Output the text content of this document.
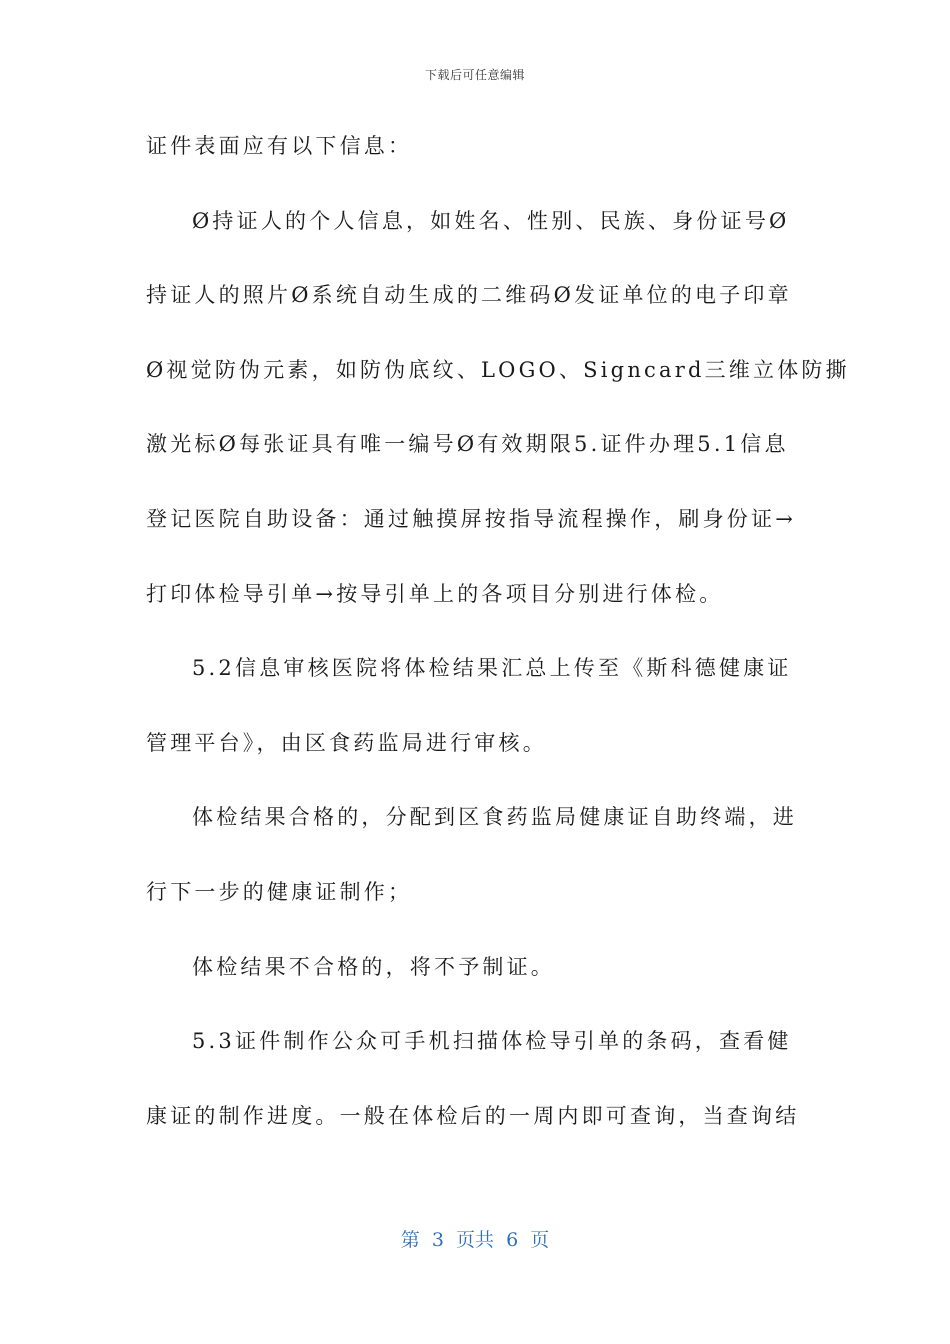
下载后可任意编辑
证件表面应有以下信息：
Ø持证人的个人信息，如姓名、性别、民族、身份证号Ø
持证人的照片Ø系统自动生成的二维码Ø发证单位的电子印章
Ø视觉防伪元素，如防伪底纹、LOGO、Signcard三维立体防撕
激光标Ø每张证具有唯一编号Ø有效期限5.证件办理5.1信息
登记医院自助设备：通过触摸屏按指导流程操作，刷身份证→
打印体检导引单→按导引单上的各项目分别进行体检。
5.2信息审核医院将体检结果汇总上传至《斯科德健康证
管理平台》，由区食药监局进行审核。
体检结果合格的，分配到区食药监局健康证自助终端，进
行下一步的健康证制作；
体检结果不合格的，将不予制证。
5.3证件制作公众可手机扫描体检导引单的条码，查看健
康证的制作进度。一般在体检后的一周内即可查询，当查询结
第  3  页共  6  页
